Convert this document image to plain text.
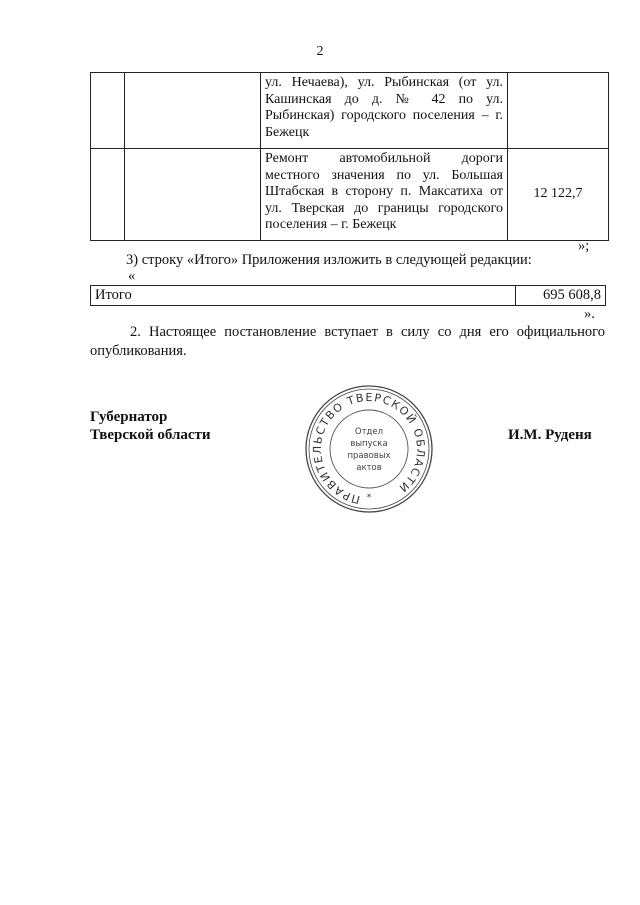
2
		ул. Нечаева), ул. Рыбинская (от ул. Кашинская до д. № 42 по ул. Рыбинская) городского поселения – г. Бежецк	
		Ремонт автомобильной дороги местного значения по ул. Большая Штабская в сторону п. Максатиха от ул. Тверская до границы городского поселения – г. Бежецк	12 122,7
»;
3) строку «Итого» Приложения изложить в следующей редакции:
«
Итого	695 608,8
».
2. Настоящее постановление вступает в силу со дня его официального опубликования.
Губернатор
Тверской области
ПРАВИТЕЛЬСТВО ТВЕРСКОЙ ОБЛАСТИ
Отдел
выпуска
правовых
актов
*
И.М. Руденя
